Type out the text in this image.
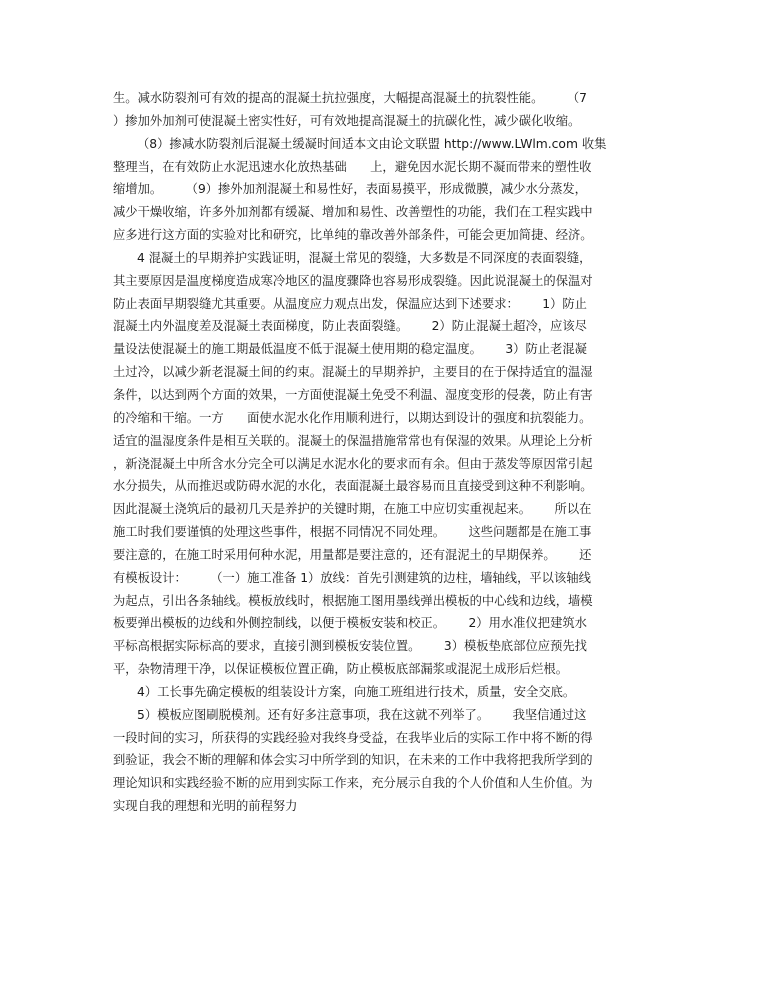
生。减水防裂剂可有效的提高的混凝土抗拉强度，大幅提高混凝土的抗裂性能。      （7
）掺加外加剂可使混凝土密实性好，可有效地提高混凝土的抗碳化性，减少碳化收缩。
（8）掺减水防裂剂后混凝土缓凝时间适本文由论文联盟 http://www.LWlm.com 收集
整理当，在有效防止水泥迅速水化放热基础      上，避免因水泥长期不凝而带来的塑性收
缩增加。      （9）掺外加剂混凝土和易性好，表面易摸平，形成微膜，减少水分蒸发，
减少干燥收缩，许多外加剂都有缓凝、增加和易性、改善塑性的功能，我们在工程实践中
应多进行这方面的实验对比和研究，比单纯的靠改善外部条件，可能会更加简捷、经济。
4 混凝土的早期养护实践证明，混凝土常见的裂缝，大多数是不同深度的表面裂缝，
其主要原因是温度梯度造成寒冷地区的温度骤降也容易形成裂缝。因此说混凝土的保温对
防止表面早期裂缝尤其重要。从温度应力观点出发，保温应达到下述要求：      1）防止
混凝土内外温度差及混凝土表面梯度，防止表面裂缝。      2）防止混凝土超冷，应该尽
量设法使混凝土的施工期最低温度不低于混凝土使用期的稳定温度。      3）防止老混凝
土过冷，以减少新老混凝土间的约束。混凝土的早期养护，主要目的在于保持适宜的温湿
条件，以达到两个方面的效果，一方面使混凝土免受不利温、湿度变形的侵袭，防止有害
的冷缩和干缩。一方      面使水泥水化作用顺利进行，以期达到设计的强度和抗裂能力。
适宜的温湿度条件是相互关联的。混凝土的保温措施常常也有保湿的效果。从理论上分析
，新浇混凝土中所含水分完全可以满足水泥水化的要求而有余。但由于蒸发等原因常引起
水分损失，从而推迟或防碍水泥的水化，表面混凝土最容易而且直接受到这种不利影响。
因此混凝土浇筑后的最初几天是养护的关键时期，在施工中应切实重视起来。      所以在
施工时我们要谨慎的处理这些事件，根据不同情况不同处理。      这些问题都是在施工事
要注意的，在施工时采用何种水泥，用量都是要注意的，还有混泥土的早期保养。      还
有模板设计：      （一）施工准备 1）放线：首先引测建筑的边柱，墙轴线，平以该轴线
为起点，引出各条轴线。模板放线时，根据施工图用墨线弹出模板的中心线和边线，墙模
板要弹出模板的边线和外侧控制线，以便于模板安装和校正。      2）用水准仪把建筑水
平标高根据实际标高的要求，直接引测到模板安装位置。      3）模板垫底部位应预先找
平，杂物清理干净，以保证模板位置正确，防止模板底部漏浆或混泥土成形后烂根。
4）工长事先确定模板的组装设计方案，向施工班组进行技术，质量，安全交底。
5）模板应图刷脱模剂。还有好多注意事项，我在这就不列举了。      我坚信通过这
一段时间的实习，所获得的实践经验对我终身受益，在我毕业后的实际工作中将不断的得
到验证，我会不断的理解和体会实习中所学到的知识，在未来的工作中我将把我所学到的
理论知识和实践经验不断的应用到实际工作来，充分展示自我的个人价值和人生价值。为
实现自我的理想和光明的前程努力
